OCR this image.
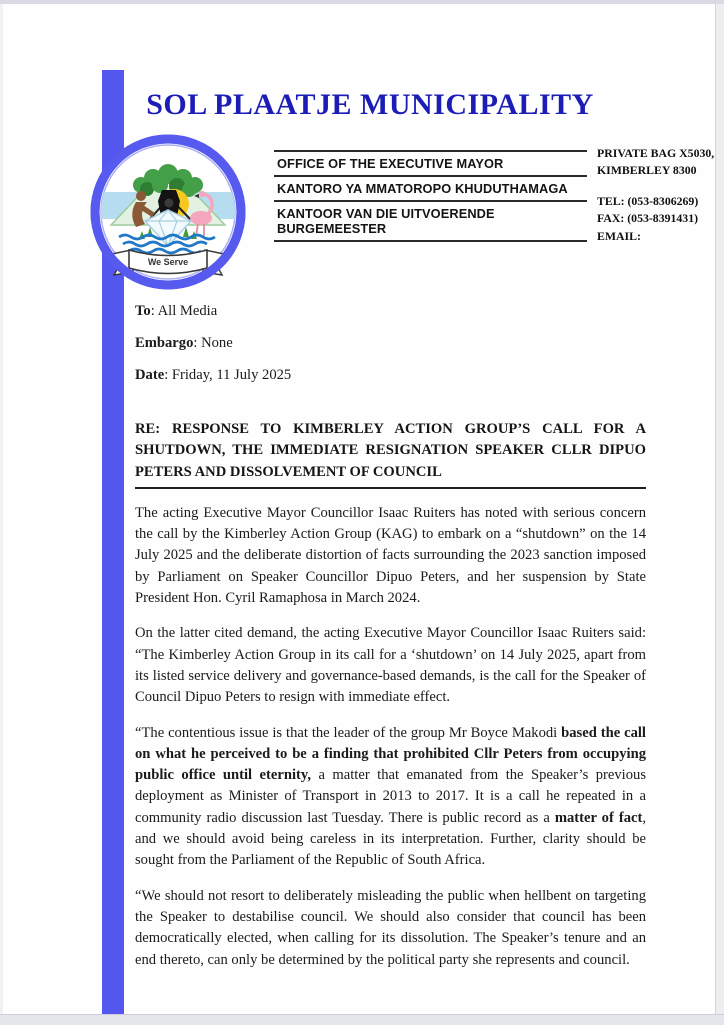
SOL PLAATJE MUNICIPALITY
We Serve
OFFICE OF THE EXECUTIVE MAYOR
KANTORO YA MMATOROPO KHUDUTHAMAGA
KANTOOR VAN DIE UITVOERENDE BURGEMEESTER
PRIVATE BAG X5030,
KIMBERLEY 8300
TEL: (053-8306269)
FAX: (053-8391431)
EMAIL:
To: All Media
Embargo: None
Date: Friday, 11 July 2025
RE: RESPONSE TO KIMBERLEY ACTION GROUP’S CALL FOR A SHUTDOWN, THE IMMEDIATE RESIGNATION SPEAKER CLLR DIPUO PETERS AND DISSOLVEMENT OF COUNCIL

The acting Executive Mayor Councillor Isaac Ruiters has noted with serious concern the call by the Kimberley Action Group (KAG) to embark on a “shutdown” on the 14 July 2025 and the deliberate distortion of facts surrounding the 2023 sanction imposed by Parliament on Speaker Councillor Dipuo Peters, and her suspension by State President Hon. Cyril Ramaphosa in March 2024.

On the latter cited demand, the acting Executive Mayor Councillor Isaac Ruiters said: “The Kimberley Action Group in its call for a ‘shutdown’ on 14 July 2025, apart from its listed service delivery and governance-based demands, is the call for the Speaker of Council Dipuo Peters to resign with immediate effect.

“The contentious issue is that the leader of the group Mr Boyce Makodi based the call on what he perceived to be a finding that prohibited Cllr Peters from occupying public office until eternity, a matter that emanated from the Speaker’s previous deployment as Minister of Transport in 2013 to 2017. It is a call he repeated in a community radio discussion last Tuesday. There is public record as a matter of fact, and we should avoid being careless in its interpretation. Further, clarity should be sought from the Parliament of the Republic of South Africa.

“We should not resort to deliberately misleading the public when hellbent on targeting the Speaker to destabilise council. We should also consider that council has been democratically elected, when calling for its dissolution. The Speaker’s tenure and an end thereto, can only be determined by the political party she represents and council.
